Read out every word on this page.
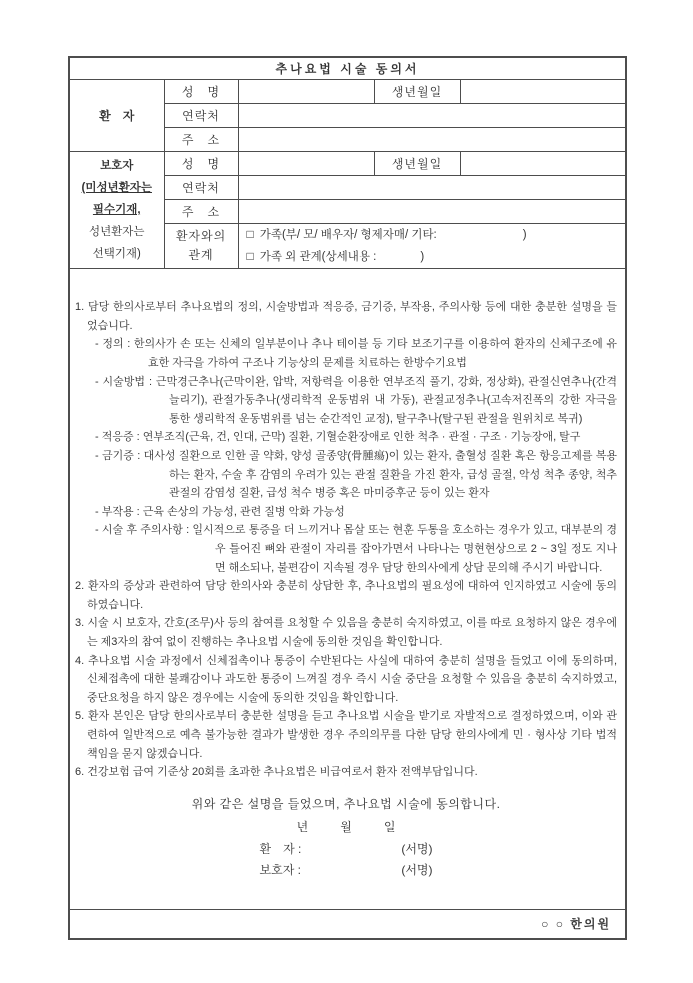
추나요법 시술 동의서				
환　자	성　명		생년월일	
	연락처			
	주　소			

보호자
(미성년환자는
필수기재,
성년환자는
선택기재)	성　명		생년월일	
	연락처			
	주　소			

환자와의
관계

□ 가족(부/ 모/ 배우자/ 형제자매/ 기타:	)
□ 가족 외 관계(상세내용 :	)

1. 담당 한의사로부터 추나요법의 정의, 시술방법과 적응증, 금기증, 부작용, 주의사항 등에 대한 충분한 설명을 들었습니다.
- 정의 : 한의사가 손 또는 신체의 일부분이나 추나 테이블 등 기타 보조기구를 이용하여 환자의 신체구조에 유효한 자극을 가하여 구조나 기능상의 문제를 치료하는 한방수기요법
- 시술방법 : 근막경근추나(근막이완, 압박, 저항력을 이용한 연부조직 풀기, 강화, 정상화), 관절신연추나(간격늘리기), 관절가동추나(생리학적 운동범위 내 가동), 관절교정추나(고속저진폭의 강한 자극을 통한 생리학적 운동범위를 넘는 순간적인 교정), 탈구추나(탈구된 관절을 원위치로 복귀)
- 적응증 : 연부조직(근육, 건, 인대, 근막) 질환, 기혈순환장애로 인한 척추 · 관절 · 구조 · 기능장애, 탈구
- 금기증 : 대사성 질환으로 인한 골 약화, 양성 골종양(骨腫瘍)이 있는 환자, 출혈성 질환 혹은 항응고제를 복용하는 환자, 수술 후 감염의 우려가 있는 관절 질환을 가진 환자, 급성 골절, 악성 척추 종양, 척추 관절의 감염성 질환, 급성 척수 병증 혹은 마미증후군 등이 있는 환자
- 부작용 : 근육 손상의 가능성, 관련 질병 악화 가능성
- 시술 후 주의사항 : 일시적으로 통증을 더 느끼거나 몸살 또는 현훈 두통을 호소하는 경우가 있고, 대부분의 경우 틀어진 뼈와 관절이 자리를 잡아가면서 나타나는 명현현상으로 2 ~ 3일 정도 지나면 해소되나, 불편감이 지속될 경우 담당 한의사에게 상담 문의해 주시기 바랍니다.
2. 환자의 증상과 관련하여 담당 한의사와 충분히 상담한 후, 추나요법의 필요성에 대하여 인지하였고 시술에 동의하였습니다.
3. 시술 시 보호자, 간호(조무)사 등의 참여를 요청할 수 있음을 충분히 숙지하였고, 이를 따로 요청하지 않은 경우에는 제3자의 참여 없이 진행하는 추나요법 시술에 동의한 것임을 확인합니다.
4. 추나요법 시술 과정에서 신체접촉이나 통증이 수반된다는 사실에 대하여 충분히 설명을 들었고 이에 동의하며, 신체접촉에 대한 불쾌감이나 과도한 통증이 느껴질 경우 즉시 시술 중단을 요청할 수 있음을 충분히 숙지하였고, 중단요청을 하지 않은 경우에는 시술에 동의한 것임을 확인합니다.
5. 환자 본인은 담당 한의사로부터 충분한 설명을 듣고 추나요법 시술을 받기로 자발적으로 결정하였으며, 이와 관련하여 일반적으로 예측 불가능한 결과가 발생한 경우 주의의무를 다한 담당 한의사에게 민 · 형사상 기타 법적 책임을 묻지 않겠습니다.
6. 건강보험 급여 기준상 20회를 초과한 추나요법은 비급여로서 환자 전액부담입니다.
위와 같은 설명을 들었으며, 추나요법 시술에 동의합니다.
년	월	일
환　자 :	(서명)
보호자 :	(서명)

○ ○ 한의원				
